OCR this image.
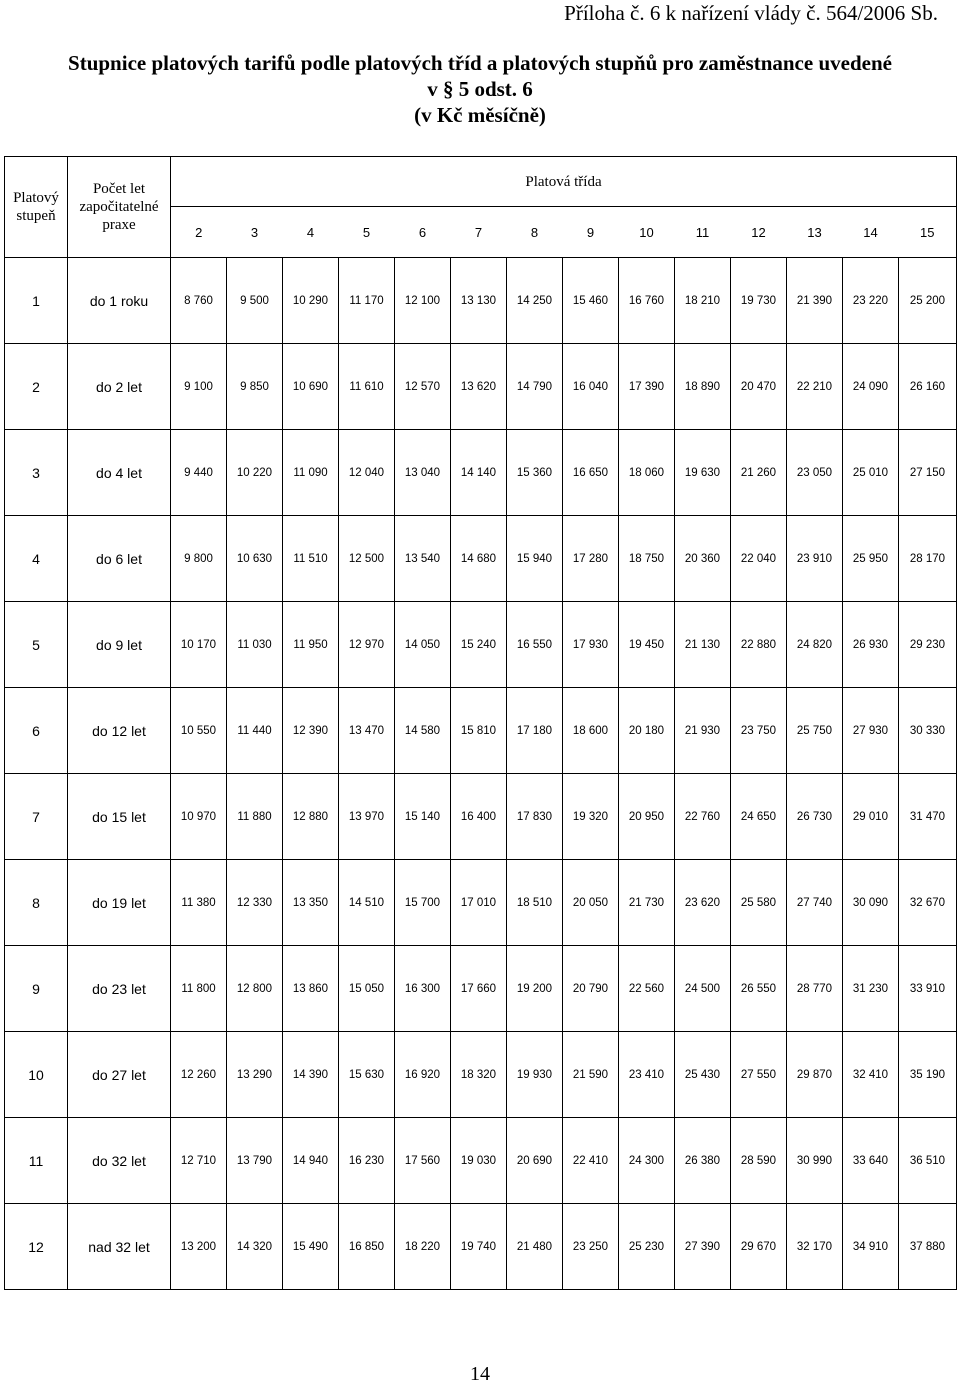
Příloha č. 6 k nařízení vlády č. 564/2006 Sb.
Stupnice platových tarifů podle platových tříd a platových stupňů pro zaměstnance uvedené
v § 5 odst. 6
(v Kč měsíčně)
Platový
stupeň	Počet let
započitatelné
praxe	Platová třída													
		2	3	4	5	6	7	8	9	10	11	12	13	14	15
1	do 1 roku	8 760	9 500	10 290	11 170	12 100	13 130	14 250	15 460	16 760	18 210	19 730	21 390	23 220	25 200
2	do 2 let	9 100	9 850	10 690	11 610	12 570	13 620	14 790	16 040	17 390	18 890	20 470	22 210	24 090	26 160
3	do 4 let	9 440	10 220	11 090	12 040	13 040	14 140	15 360	16 650	18 060	19 630	21 260	23 050	25 010	27 150
4	do 6 let	9 800	10 630	11 510	12 500	13 540	14 680	15 940	17 280	18 750	20 360	22 040	23 910	25 950	28 170
5	do 9 let	10 170	11 030	11 950	12 970	14 050	15 240	16 550	17 930	19 450	21 130	22 880	24 820	26 930	29 230
6	do 12 let	10 550	11 440	12 390	13 470	14 580	15 810	17 180	18 600	20 180	21 930	23 750	25 750	27 930	30 330
7	do 15 let	10 970	11 880	12 880	13 970	15 140	16 400	17 830	19 320	20 950	22 760	24 650	26 730	29 010	31 470
8	do 19 let	11 380	12 330	13 350	14 510	15 700	17 010	18 510	20 050	21 730	23 620	25 580	27 740	30 090	32 670
9	do 23 let	11 800	12 800	13 860	15 050	16 300	17 660	19 200	20 790	22 560	24 500	26 550	28 770	31 230	33 910
10	do 27 let	12 260	13 290	14 390	15 630	16 920	18 320	19 930	21 590	23 410	25 430	27 550	29 870	32 410	35 190
11	do 32 let	12 710	13 790	14 940	16 230	17 560	19 030	20 690	22 410	24 300	26 380	28 590	30 990	33 640	36 510
12	nad 32 let	13 200	14 320	15 490	16 850	18 220	19 740	21 480	23 250	25 230	27 390	29 670	32 170	34 910	37 880
14
